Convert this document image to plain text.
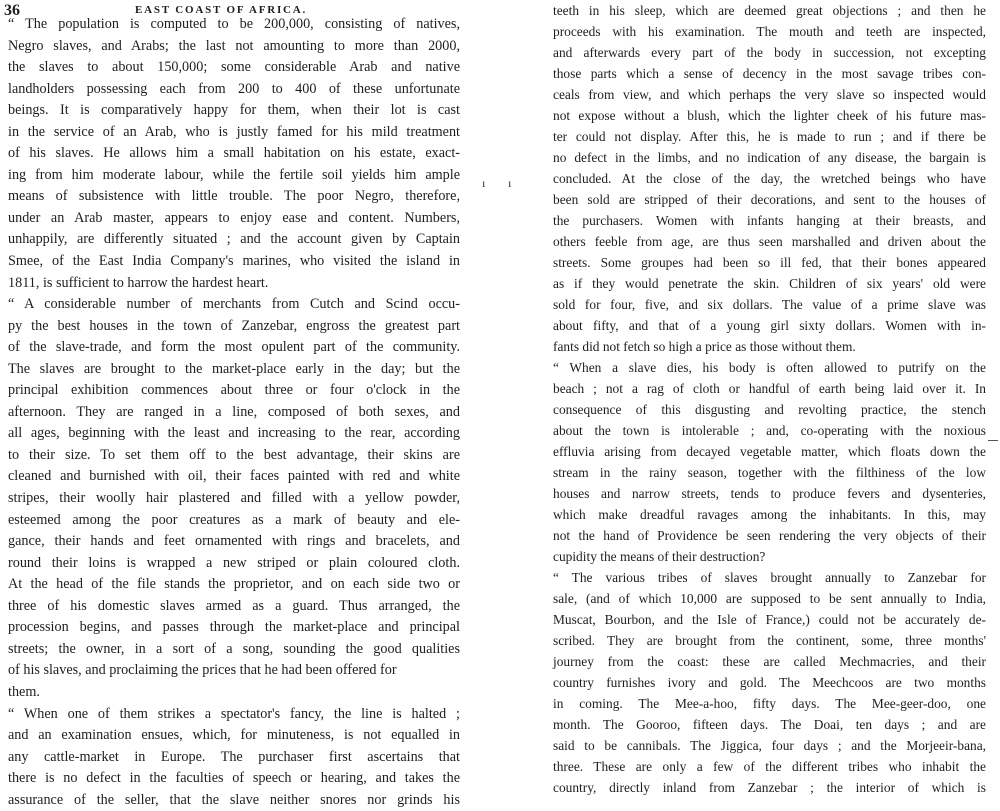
36	EAST COAST OF AFRICA.
“ The population is computed to be 200,000, consisting of natives,
Negro slaves, and Arabs; the last not amounting to more than 2000,
the slaves to about 150,000; some considerable Arab and native
landholders possessing each from 200 to 400 of these unfortunate
beings. It is comparatively happy for them, when their lot is cast
in the service of an Arab, who is justly famed for his mild treatment
of his slaves. He allows him a small habitation on his estate, exact-
ing from him moderate labour, while the fertile soil yields him ample
means of subsistence with little trouble. The poor Negro, therefore,
under an Arab master, appears to enjoy ease and content. Numbers,
unhappily, are differently situated ; and the account given by Captain
Smee, of the East India Company's marines, who visited the island in
1811, is sufficient to harrow the hardest heart.
“ A considerable number of merchants from Cutch and Scind occu-
py the best houses in the town of Zanzebar, engross the greatest part
of the slave-trade, and form the most opulent part of the community.
The slaves are brought to the market-place early in the day; but the
principal exhibition commences about three or four o'clock in the
afternoon. They are ranged in a line, composed of both sexes, and
all ages, beginning with the least and increasing to the rear, according
to their size. To set them off to the best advantage, their skins are
cleaned and burnished with oil, their faces painted with red and white
stripes, their woolly hair plastered and filled with a yellow powder,
esteemed among the poor creatures as a mark of beauty and ele-
gance, their hands and feet ornamented with rings and bracelets, and
round their loins is wrapped a new striped or plain coloured cloth.
At the head of the file stands the proprietor, and on each side two or
three of his domestic slaves armed as a guard. Thus arranged, the
procession begins, and passes through the market-place and principal
streets; the owner, in a sort of a song, sounding the good qualities
of his slaves, and proclaiming the prices that he had been offered for
them.
“ When one of them strikes a spectator's fancy, the line is halted ;
and an examination ensues, which, for minuteness, is not equalled in
any cattle-market in Europe. The purchaser first ascertains that
there is no defect in the faculties of speech or hearing, and takes the
assurance of the seller, that the slave neither snores nor grinds his
ı ı
teeth in his sleep, which are deemed great objections ; and then he
proceeds with his examination. The mouth and teeth are inspected,
and afterwards every part of the body in succession, not excepting
those parts which a sense of decency in the most savage tribes con-
ceals from view, and which perhaps the very slave so inspected would
not expose without a blush, which the lighter cheek of his future mas-
ter could not display. After this, he is made to run ; and if there be
no defect in the limbs, and no indication of any disease, the bargain is
concluded. At the close of the day, the wretched beings who have
been sold are stripped of their decorations, and sent to the houses of
the purchasers. Women with infants hanging at their breasts, and
others feeble from age, are thus seen marshalled and driven about the
streets. Some groupes had been so ill fed, that their bones appeared
as if they would penetrate the skin. Children of six years' old were
sold for four, five, and six dollars. The value of a prime slave was
about fifty, and that of a young girl sixty dollars. Women with in-
fants did not fetch so high a price as those without them.
“ When a slave dies, his body is often allowed to putrify on the
beach ; not a rag of cloth or handful of earth being laid over it. In
consequence of this disgusting and revolting practice, the stench
about the town is intolerable ; and, co-operating with the noxious
effluvia arising from decayed vegetable matter, which floats down the
stream in the rainy season, together with the filthiness of the low
houses and narrow streets, tends to produce fevers and dysenteries,
which make dreadful ravages among the inhabitants. In this, may
not the hand of Providence be seen rendering the very objects of their
cupidity the means of their destruction?
“ The various tribes of slaves brought annually to Zanzebar for
sale, (and of which 10,000 are supposed to be sent annually to India,
Muscat, Bourbon, and the Isle of France,) could not be accurately de-
scribed. They are brought from the continent, some, three months'
journey from the coast: these are called Mechmacries, and their
country furnishes ivory and gold. The Meechcoos are two months
in coming. The Mee-a-hoo, fifty days. The Mee-geer-doo, one
month. The Gooroo, fifteen days. The Doai, ten days ; and are
said to be cannibals. The Jiggica, four days ; and the Morjeeir-bana,
three. These are only a few of the different tribes who inhabit the
country, directly inland from Zanzebar ; the interior of which is
